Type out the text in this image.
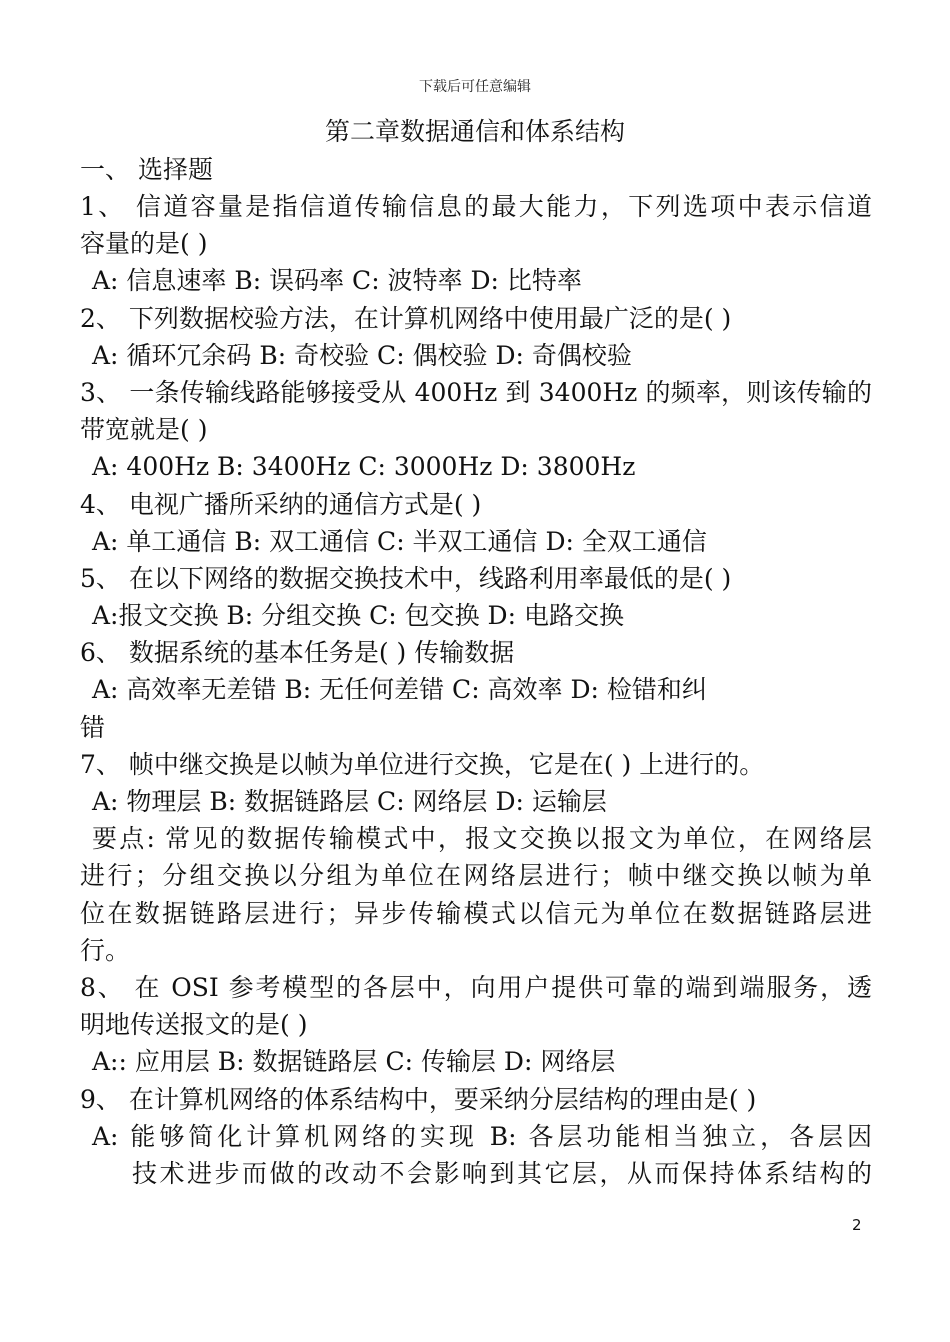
下载后可任意编辑
第二章数据通信和体系结构
一、 选择题
1、 信道容量是指信道传输信息的最大能力，下列选项中表示信道
容量的是( )
A: 信息速率 B: 误码率 C: 波特率 D: 比特率
2、 下列数据校验方法，在计算机网络中使用最广泛的是( )
A: 循环冗余码 B: 奇校验 C: 偶校验 D: 奇偶校验
3、 一条传输线路能够接受从 400Hz 到 3400Hz 的频率，则该传输的
带宽就是( )
A: 400Hz B: 3400Hz C: 3000Hz D: 3800Hz
4、 电视广播所采纳的通信方式是( )
A: 单工通信 B: 双工通信 C: 半双工通信 D: 全双工通信
5、 在以下网络的数据交换技术中，线路利用率最低的是( )
A:报文交换 B: 分组交换 C: 包交换 D: 电路交换
6、 数据系统的基本任务是( ) 传输数据
A: 高效率无差错 B: 无任何差错 C: 高效率 D: 检错和纠
错
7、 帧中继交换是以帧为单位进行交换，它是在( ) 上进行的。
A: 物理层 B: 数据链路层 C: 网络层 D: 运输层
要点: 常见的数据传输模式中，报文交换以报文为单位，在网络层
进行；分组交换以分组为单位在网络层进行；帧中继交换以帧为单
位在数据链路层进行；异步传输模式以信元为单位在数据链路层进
行。
8、 在 OSI 参考模型的各层中，向用户提供可靠的端到端服务，透
明地传送报文的是( )
A:: 应用层 B: 数据链路层 C: 传输层 D: 网络层
9、 在计算机网络的体系结构中，要采纳分层结构的理由是( )
A: 能够简化计算机网络的实现 B: 各层功能相当独立，各层因
技术进步而做的改动不会影响到其它层，从而保持体系结构的
2
